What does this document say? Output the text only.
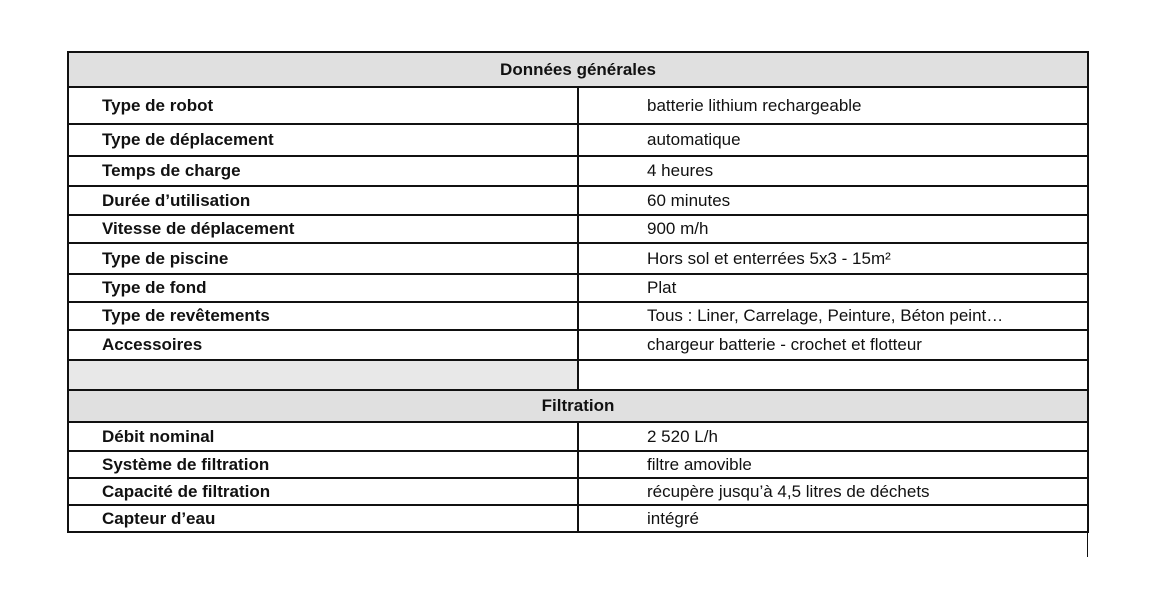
Données générales
Type de robot	batterie lithium rechargeable
Type de déplacement	automatique
Temps de charge	4 heures
Durée d’utilisation	60 minutes
Vitesse de déplacement	900 m/h
Type de piscine	Hors sol et enterrées 5x3 - 15m²
Type de fond	Plat
Type de revêtements	Tous : Liner, Carrelage, Peinture, Béton peint…
Accessoires	chargeur batterie - crochet et flotteur
Filtration
Débit nominal	2 520 L/h
Système de filtration	filtre amovible
Capacité de filtration	récupère jusqu’à 4,5 litres de déchets
Capteur d’eau	intégré
